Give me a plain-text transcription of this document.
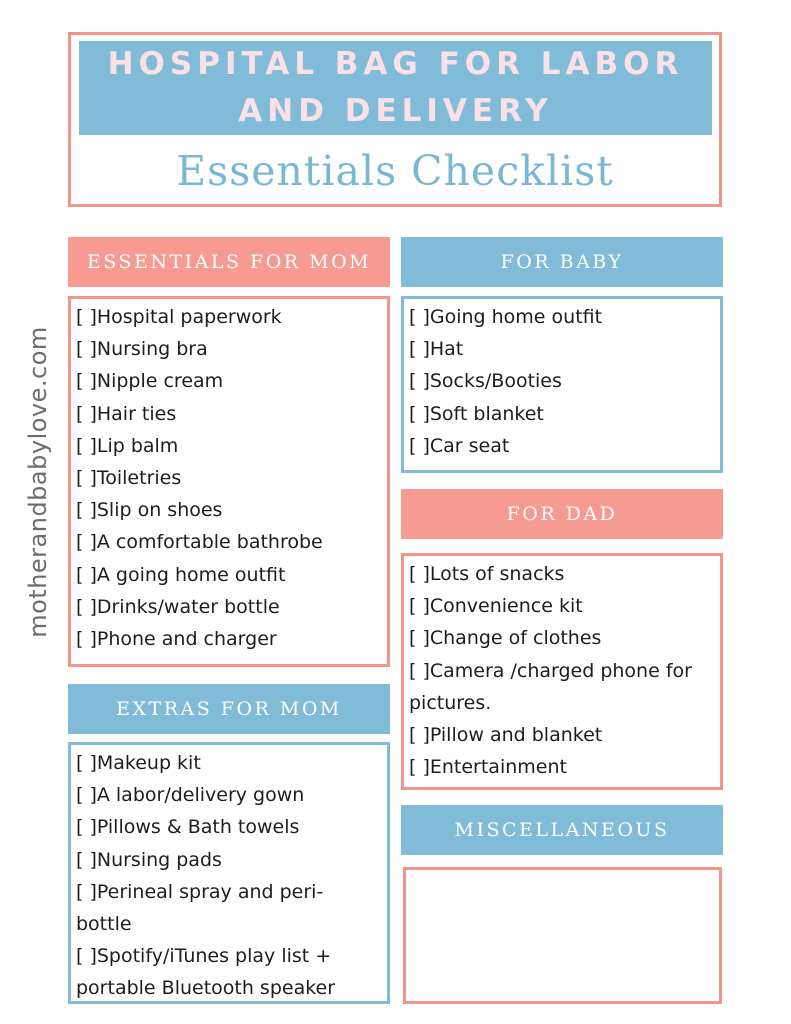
HOSPITAL BAG FOR LABOR
AND DELIVERY
Essentials Checklist
motherandbabylove.com
ESSENTIALS FOR MOM
[ ]Hospital paperwork
[ ]Nursing bra
[ ]Nipple cream
[ ]Hair ties
[ ]Lip balm
[ ]Toiletries
[ ]Slip on shoes
[ ]A comfortable bathrobe
[ ]A going home outfit
[ ]Drinks/water bottle
[ ]Phone and charger
EXTRAS FOR MOM
[ ]Makeup kit
[ ]A labor/delivery gown
[ ]Pillows & Bath towels
[ ]Nursing pads
[ ]Perineal spray and peri-bottle
[ ]Spotify/iTunes play list + portable Bluetooth speaker
FOR BABY
[ ]Going home outfit
[ ]Hat
[ ]Socks/Booties
[ ]Soft blanket
[ ]Car seat
FOR DAD
[ ]Lots of snacks
[ ]Convenience kit
[ ]Change of clothes
[ ]Camera /charged phone for pictures.
[ ]Pillow and blanket
[ ]Entertainment
MISCELLANEOUS
